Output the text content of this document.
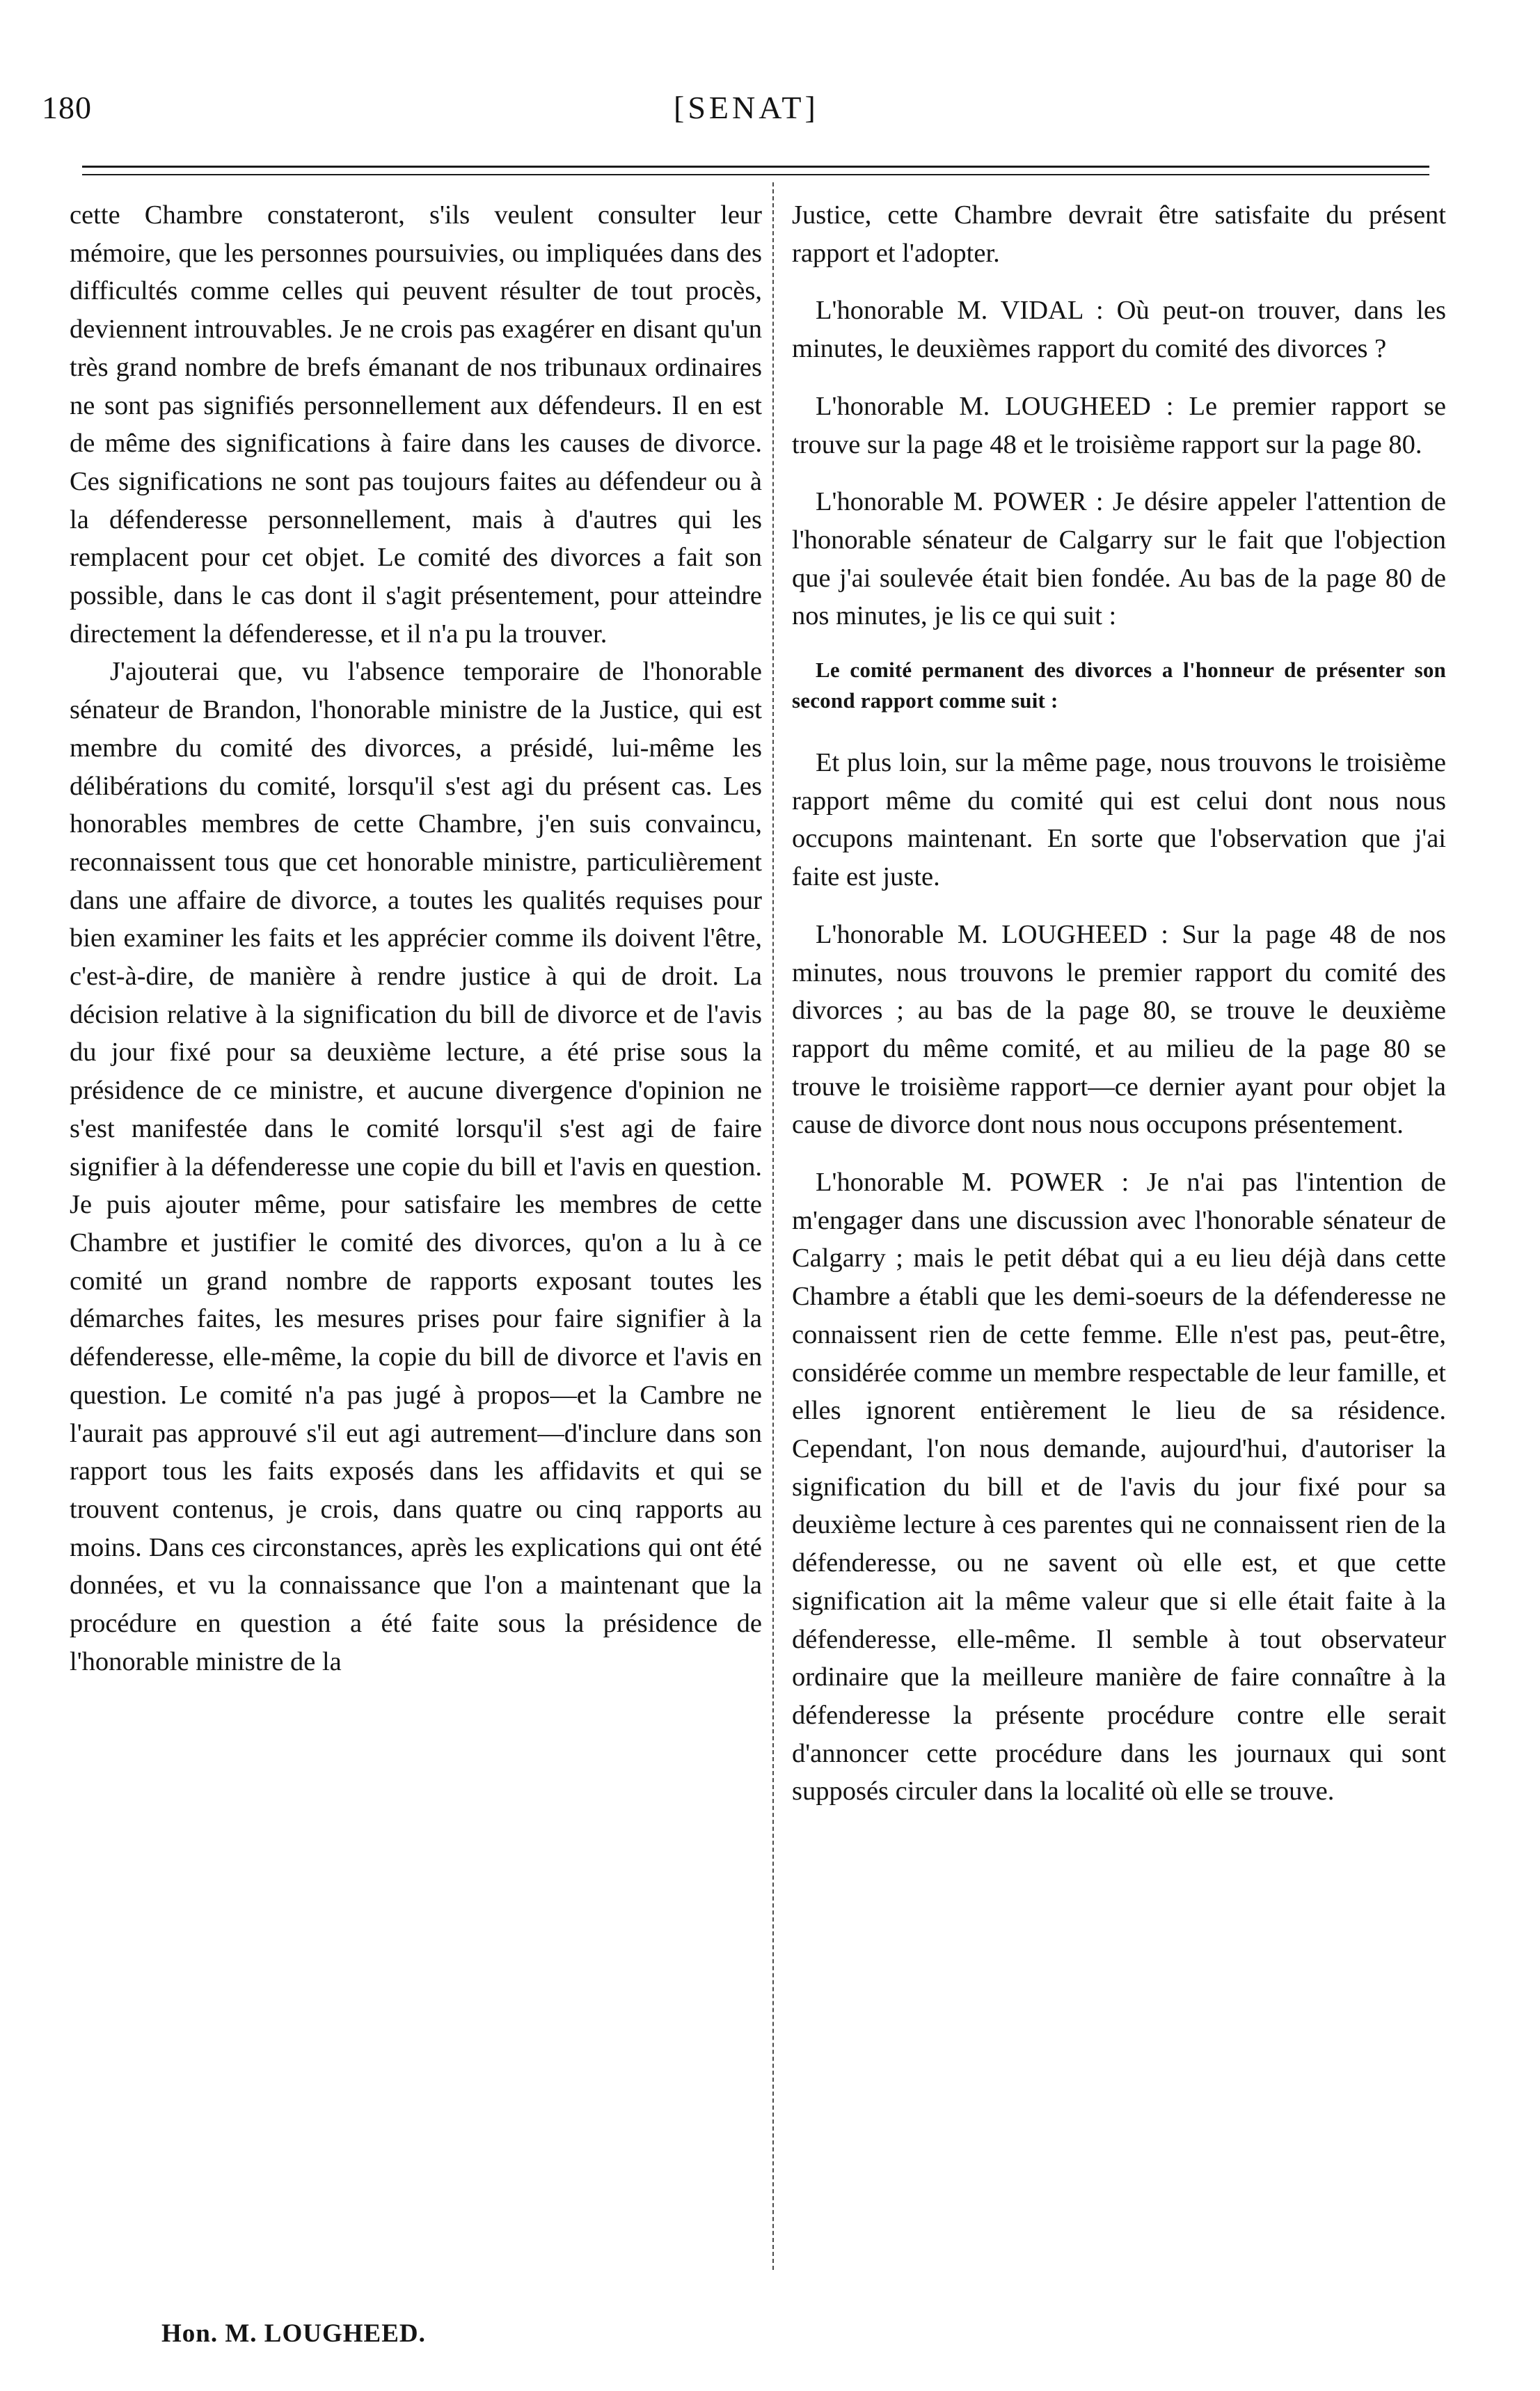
180	[SENAT]

cette Chambre constateront, s'ils veulent consulter leur mémoire, que les personnes poursuivies, ou impliquées dans des difficultés comme celles qui peuvent résulter de tout procès, deviennent introuvables. Je ne crois pas exagérer en disant qu'un très grand nombre de brefs émanant de nos tribunaux ordinaires ne sont pas signifiés personnellement aux défendeurs. Il en est de même des significations à faire dans les causes de divorce. Ces significations ne sont pas toujours faites au défendeur ou à la défenderesse personnellement, mais à d'autres qui les remplacent pour cet objet. Le comité des divorces a fait son possible, dans le cas dont il s'agit présentement, pour atteindre directement la défenderesse, et il n'a pu la trouver.

J'ajouterai que, vu l'absence temporaire de l'honorable sénateur de Brandon, l'honorable ministre de la Justice, qui est membre du comité des divorces, a présidé, lui-même les délibérations du comité, lorsqu'il s'est agi du présent cas. Les honorables membres de cette Chambre, j'en suis convaincu, reconnaissent tous que cet honorable ministre, particulièrement dans une affaire de divorce, a toutes les qualités requises pour bien examiner les faits et les apprécier comme ils doivent l'être, c'est-à-dire, de manière à rendre justice à qui de droit. La décision relative à la signification du bill de divorce et de l'avis du jour fixé pour sa deuxième lecture, a été prise sous la présidence de ce ministre, et aucune divergence d'opinion ne s'est manifestée dans le comité lorsqu'il s'est agi de faire signifier à la défenderesse une copie du bill et l'avis en question. Je puis ajouter même, pour satisfaire les membres de cette Chambre et justifier le comité des divorces, qu'on a lu à ce comité un grand nombre de rapports exposant toutes les démarches faites, les mesures prises pour faire signifier à la défenderesse, elle-même, la copie du bill de divorce et l'avis en question. Le comité n'a pas jugé à propos—et la Cambre ne l'aurait pas approuvé s'il eut agi autrement—d'inclure dans son rapport tous les faits exposés dans les affidavits et qui se trouvent contenus, je crois, dans quatre ou cinq rapports au moins. Dans ces circonstances, après les explications qui ont été données, et vu la connaissance que l'on a maintenant que la procédure en question a été faite sous la présidence de l'honorable ministre de la

Justice, cette Chambre devrait être satisfaite du présent rapport et l'adopter.

L'honorable M. VIDAL : Où peut-on trouver, dans les minutes, le deuxièmes rapport du comité des divorces ?

L'honorable M. LOUGHEED : Le premier rapport se trouve sur la page 48 et le troisième rapport sur la page 80.

L'honorable M. POWER : Je désire appeler l'attention de l'honorable sénateur de Calgarry sur le fait que l'objection que j'ai soulevée était bien fondée. Au bas de la page 80 de nos minutes, je lis ce qui suit :

Le comité permanent des divorces a l'honneur de présenter son second rapport comme suit :

Et plus loin, sur la même page, nous trouvons le troisième rapport même du comité qui est celui dont nous nous occupons maintenant. En sorte que l'observation que j'ai faite est juste.

L'honorable M. LOUGHEED : Sur la page 48 de nos minutes, nous trouvons le premier rapport du comité des divorces ; au bas de la page 80, se trouve le deuxième rapport du même comité, et au milieu de la page 80 se trouve le troisième rapport—ce dernier ayant pour objet la cause de divorce dont nous nous occupons présentement.

L'honorable M. POWER : Je n'ai pas l'intention de m'engager dans une discussion avec l'honorable sénateur de Calgarry ; mais le petit débat qui a eu lieu déjà dans cette Chambre a établi que les demi-soeurs de la défenderesse ne connaissent rien de cette femme. Elle n'est pas, peut-être, considérée comme un membre respectable de leur famille, et elles ignorent entièrement le lieu de sa résidence. Cependant, l'on nous demande, aujourd'hui, d'autoriser la signification du bill et de l'avis du jour fixé pour sa deuxième lecture à ces parentes qui ne connaissent rien de la défenderesse, ou ne savent où elle est, et que cette signification ait la même valeur que si elle était faite à la défenderesse, elle-même. Il semble à tout observateur ordinaire que la meilleure manière de faire connaître à la défenderesse la présente procédure contre elle serait d'annoncer cette procédure dans les journaux qui sont supposés circuler dans la localité où elle se trouve.

Hon. M. LOUGHEED.
